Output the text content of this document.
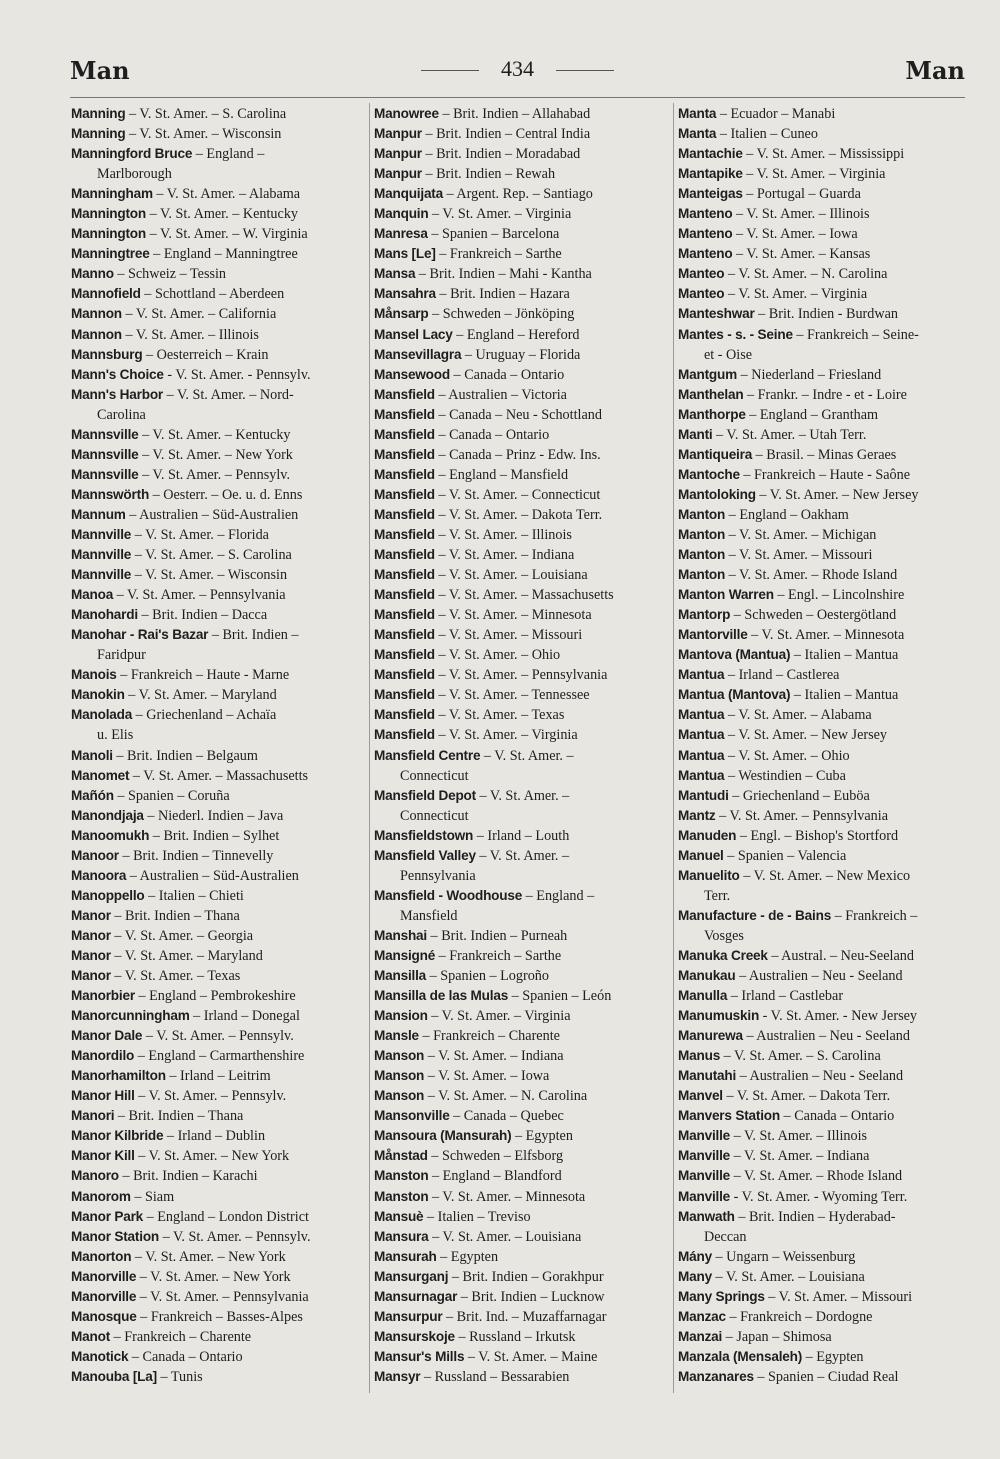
Man	434	Man
Manning – V. St. Amer. – S. Carolina
Manning – V. St. Amer. – Wisconsin
Manningford Bruce – England –
Marlborough
Manningham – V. St. Amer. – Alabama
Mannington – V. St. Amer. – Kentucky
Mannington – V. St. Amer. – W. Virginia
Manningtree – England – Manningtree
Manno – Schweiz – Tessin
Mannofield – Schottland – Aberdeen
Mannon – V. St. Amer. – California
Mannon – V. St. Amer. – Illinois
Mannsburg – Oesterreich – Krain
Mann's Choice - V. St. Amer. - Pennsylv.
Mann's Harbor – V. St. Amer. – Nord-
Carolina
Mannsville – V. St. Amer. – Kentucky
Mannsville – V. St. Amer. – New York
Mannsville – V. St. Amer. – Pennsylv.
Mannswörth – Oesterr. – Oe. u. d. Enns
Mannum – Australien – Süd-Australien
Mannville – V. St. Amer. – Florida
Mannville – V. St. Amer. – S. Carolina
Mannville – V. St. Amer. – Wisconsin
Manoa – V. St. Amer. – Pennsylvania
Manohardi – Brit. Indien – Dacca
Manohar - Rai's Bazar – Brit. Indien –
Faridpur
Manois – Frankreich – Haute - Marne
Manokin – V. St. Amer. – Maryland
Manolada – Griechenland – Achaïa
u. Elis
Manoli – Brit. Indien – Belgaum
Manomet – V. St. Amer. – Massachusetts
Mañón – Spanien – Coruña
Manondjaja – Niederl. Indien – Java
Manoomukh – Brit. Indien – Sylhet
Manoor – Brit. Indien – Tinnevelly
Manoora – Australien – Süd-Australien
Manoppello – Italien – Chieti
Manor – Brit. Indien – Thana
Manor – V. St. Amer. – Georgia
Manor – V. St. Amer. – Maryland
Manor – V. St. Amer. – Texas
Manorbier – England – Pembrokeshire
Manorcunningham – Irland – Donegal
Manor Dale – V. St. Amer. – Pennsylv.
Manordilo – England – Carmarthenshire
Manorhamilton – Irland – Leitrim
Manor Hill – V. St. Amer. – Pennsylv.
Manori – Brit. Indien – Thana
Manor Kilbride – Irland – Dublin
Manor Kill – V. St. Amer. – New York
Manoro – Brit. Indien – Karachi
Manorom – Siam
Manor Park – England – London District
Manor Station – V. St. Amer. – Pennsylv.
Manorton – V. St. Amer. – New York
Manorville – V. St. Amer. – New York
Manorville – V. St. Amer. – Pennsylvania
Manosque – Frankreich – Basses-Alpes
Manot – Frankreich – Charente
Manotick – Canada – Ontario
Manouba [La] – Tunis
Manowree – Brit. Indien – Allahabad
Manpur – Brit. Indien – Central India
Manpur – Brit. Indien – Moradabad
Manpur – Brit. Indien – Rewah
Manquijata – Argent. Rep. – Santiago
Manquin – V. St. Amer. – Virginia
Manresa – Spanien – Barcelona
Mans [Le] – Frankreich – Sarthe
Mansa – Brit. Indien – Mahi - Kantha
Mansahra – Brit. Indien – Hazara
Månsarp – Schweden – Jönköping
Mansel Lacy – England – Hereford
Mansevillagra – Uruguay – Florida
Mansewood – Canada – Ontario
Mansfield – Australien – Victoria
Mansfield – Canada – Neu - Schottland
Mansfield – Canada – Ontario
Mansfield – Canada – Prinz - Edw. Ins.
Mansfield – England – Mansfield
Mansfield – V. St. Amer. – Connecticut
Mansfield – V. St. Amer. – Dakota Terr.
Mansfield – V. St. Amer. – Illinois
Mansfield – V. St. Amer. – Indiana
Mansfield – V. St. Amer. – Louisiana
Mansfield – V. St. Amer. – Massachusetts
Mansfield – V. St. Amer. – Minnesota
Mansfield – V. St. Amer. – Missouri
Mansfield – V. St. Amer. – Ohio
Mansfield – V. St. Amer. – Pennsylvania
Mansfield – V. St. Amer. – Tennessee
Mansfield – V. St. Amer. – Texas
Mansfield – V. St. Amer. – Virginia
Mansfield Centre – V. St. Amer. –
Connecticut
Mansfield Depot – V. St. Amer. –
Connecticut
Mansfieldstown – Irland – Louth
Mansfield Valley – V. St. Amer. –
Pennsylvania
Mansfield - Woodhouse – England –
Mansfield
Manshai – Brit. Indien – Purneah
Mansigné – Frankreich – Sarthe
Mansilla – Spanien – Logroño
Mansilla de las Mulas – Spanien – León
Mansion – V. St. Amer. – Virginia
Mansle – Frankreich – Charente
Manson – V. St. Amer. – Indiana
Manson – V. St. Amer. – Iowa
Manson – V. St. Amer. – N. Carolina
Mansonville – Canada – Quebec
Mansoura (Mansurah) – Egypten
Månstad – Schweden – Elfsborg
Manston – England – Blandford
Manston – V. St. Amer. – Minnesota
Mansuè – Italien – Treviso
Mansura – V. St. Amer. – Louisiana
Mansurah – Egypten
Mansurganj – Brit. Indien – Gorakhpur
Mansurnagar – Brit. Indien – Lucknow
Mansurpur – Brit. Ind. – Muzaffarnagar
Mansurskoje – Russland – Irkutsk
Mansur's Mills – V. St. Amer. – Maine
Mansyr – Russland – Bessarabien
Manta – Ecuador – Manabi
Manta – Italien – Cuneo
Mantachie – V. St. Amer. – Mississippi
Mantapike – V. St. Amer. – Virginia
Manteigas – Portugal – Guarda
Manteno – V. St. Amer. – Illinois
Manteno – V. St. Amer. – Iowa
Manteno – V. St. Amer. – Kansas
Manteo – V. St. Amer. – N. Carolina
Manteo – V. St. Amer. – Virginia
Manteshwar – Brit. Indien - Burdwan
Mantes - s. - Seine – Frankreich – Seine-
et - Oise
Mantgum – Niederland – Friesland
Manthelan – Frankr. – Indre - et - Loire
Manthorpe – England – Grantham
Manti – V. St. Amer. – Utah Terr.
Mantiqueira – Brasil. – Minas Geraes
Mantoche – Frankreich – Haute - Saône
Mantoloking – V. St. Amer. – New Jersey
Manton – England – Oakham
Manton – V. St. Amer. – Michigan
Manton – V. St. Amer. – Missouri
Manton – V. St. Amer. – Rhode Island
Manton Warren – Engl. – Lincolnshire
Mantorp – Schweden – Oestergötland
Mantorville – V. St. Amer. – Minnesota
Mantova (Mantua) – Italien – Mantua
Mantua – Irland – Castlerea
Mantua (Mantova) – Italien – Mantua
Mantua – V. St. Amer. – Alabama
Mantua – V. St. Amer. – New Jersey
Mantua – V. St. Amer. – Ohio
Mantua – Westindien – Cuba
Mantudi – Griechenland – Euböa
Mantz – V. St. Amer. – Pennsylvania
Manuden – Engl. – Bishop's Stortford
Manuel – Spanien – Valencia
Manuelito – V. St. Amer. – New Mexico
Terr.
Manufacture - de - Bains – Frankreich –
Vosges
Manuka Creek – Austral. – Neu-Seeland
Manukau – Australien – Neu - Seeland
Manulla – Irland – Castlebar
Manumuskin - V. St. Amer. - New Jersey
Manurewa – Australien – Neu - Seeland
Manus – V. St. Amer. – S. Carolina
Manutahi – Australien – Neu - Seeland
Manvel – V. St. Amer. – Dakota Terr.
Manvers Station – Canada – Ontario
Manville – V. St. Amer. – Illinois
Manville – V. St. Amer. – Indiana
Manville – V. St. Amer. – Rhode Island
Manville - V. St. Amer. - Wyoming Terr.
Manwath – Brit. Indien – Hyderabad-
Deccan
Mány – Ungarn – Weissenburg
Many – V. St. Amer. – Louisiana
Many Springs – V. St. Amer. – Missouri
Manzac – Frankreich – Dordogne
Manzai – Japan – Shimosa
Manzala (Mensaleh) – Egypten
Manzanares – Spanien – Ciudad Real
